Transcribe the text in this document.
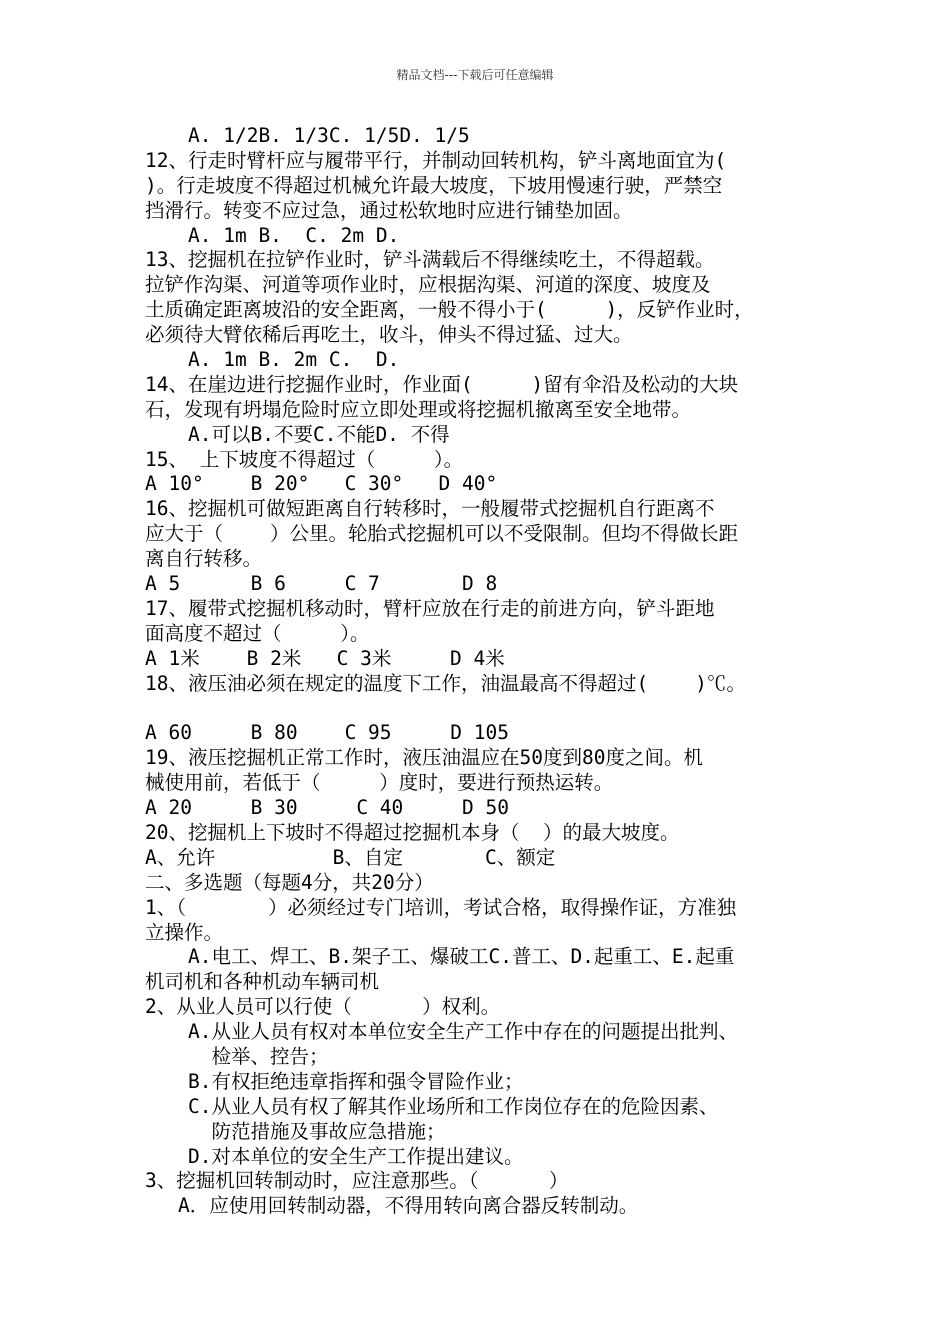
精品文档---下载后可任意编辑
A. 1/2B. 1/3C. 1/5D. 1/5
12、行走时臂杆应与履带平行，并制动回转机构，铲斗离地面宜为(
)。行走坡度不得超过机械允许最大坡度，下坡用慢速行驶，严禁空
挡滑行。转变不应过急，通过松软地时应进行铺垫加固。
A. 1m B.  C. 2m D.
13、挖掘机在拉铲作业时，铲斗满载后不得继续吃土，不得超载。
拉铲作沟渠、河道等项作业时，应根据沟渠、河道的深度、坡度及
土质确定距离坡沿的安全距离，一般不得小于(     )，反铲作业时，
必须待大臂依稀后再吃土，收斗，伸头不得过猛、过大。
A. 1m B. 2m C.  D.
14、在崖边进行挖掘作业时，作业面(     )留有伞沿及松动的大块
石，发现有坍塌危险时应立即处理或将挖掘机撤离至安全地带。
A.可以B.不要C.不能D. 不得
15、 上下坡度不得超过（     ）。
A 10°    B 20°   C 30°   D 40°
16、挖掘机可做短距离自行转移时，一般履带式挖掘机自行距离不
应大于（    ）公里。轮胎式挖掘机可以不受限制。但均不得做长距
离自行转移。
A 5      B 6     C 7       D 8
17、履带式挖掘机移动时，臂杆应放在行走的前进方向，铲斗距地
面高度不超过（     ）。
A 1米    B 2米   C 3米     D 4米
18、液压油必须在规定的温度下工作，油温最高不得超过(    )℃。
A 60     B 80    C 95     D 105
19、液压挖掘机正常工作时，液压油温应在50度到80度之间。机
械使用前，若低于（     ）度时，要进行预热运转。
A 20     B 30     C 40     D 50
20、挖掘机上下坡时不得超过挖掘机本身（  ）的最大坡度。
A、允许          B、自定       C、额定
二、多选题（每题4分，共20分）
1、（       ）必须经过专门培训，考试合格，取得操作证，方准独
立操作。
A.电工、焊工、B.架子工、爆破工C.普工、D.起重工、E.起重
机司机和各种机动车辆司机
2、从业人员可以行使（      ）权利。
A.从业人员有权对本单位安全生产工作中存在的问题提出批判、
检举、控告；
B.有权拒绝违章指挥和强令冒险作业；
C.从业人员有权了解其作业场所和工作岗位存在的危险因素、
防范措施及事故应急措施；
D.对本单位的安全生产工作提出建议。
3、挖掘机回转制动时，应注意那些。（      ）
A．应使用回转制动器，不得用转向离合器反转制动。
